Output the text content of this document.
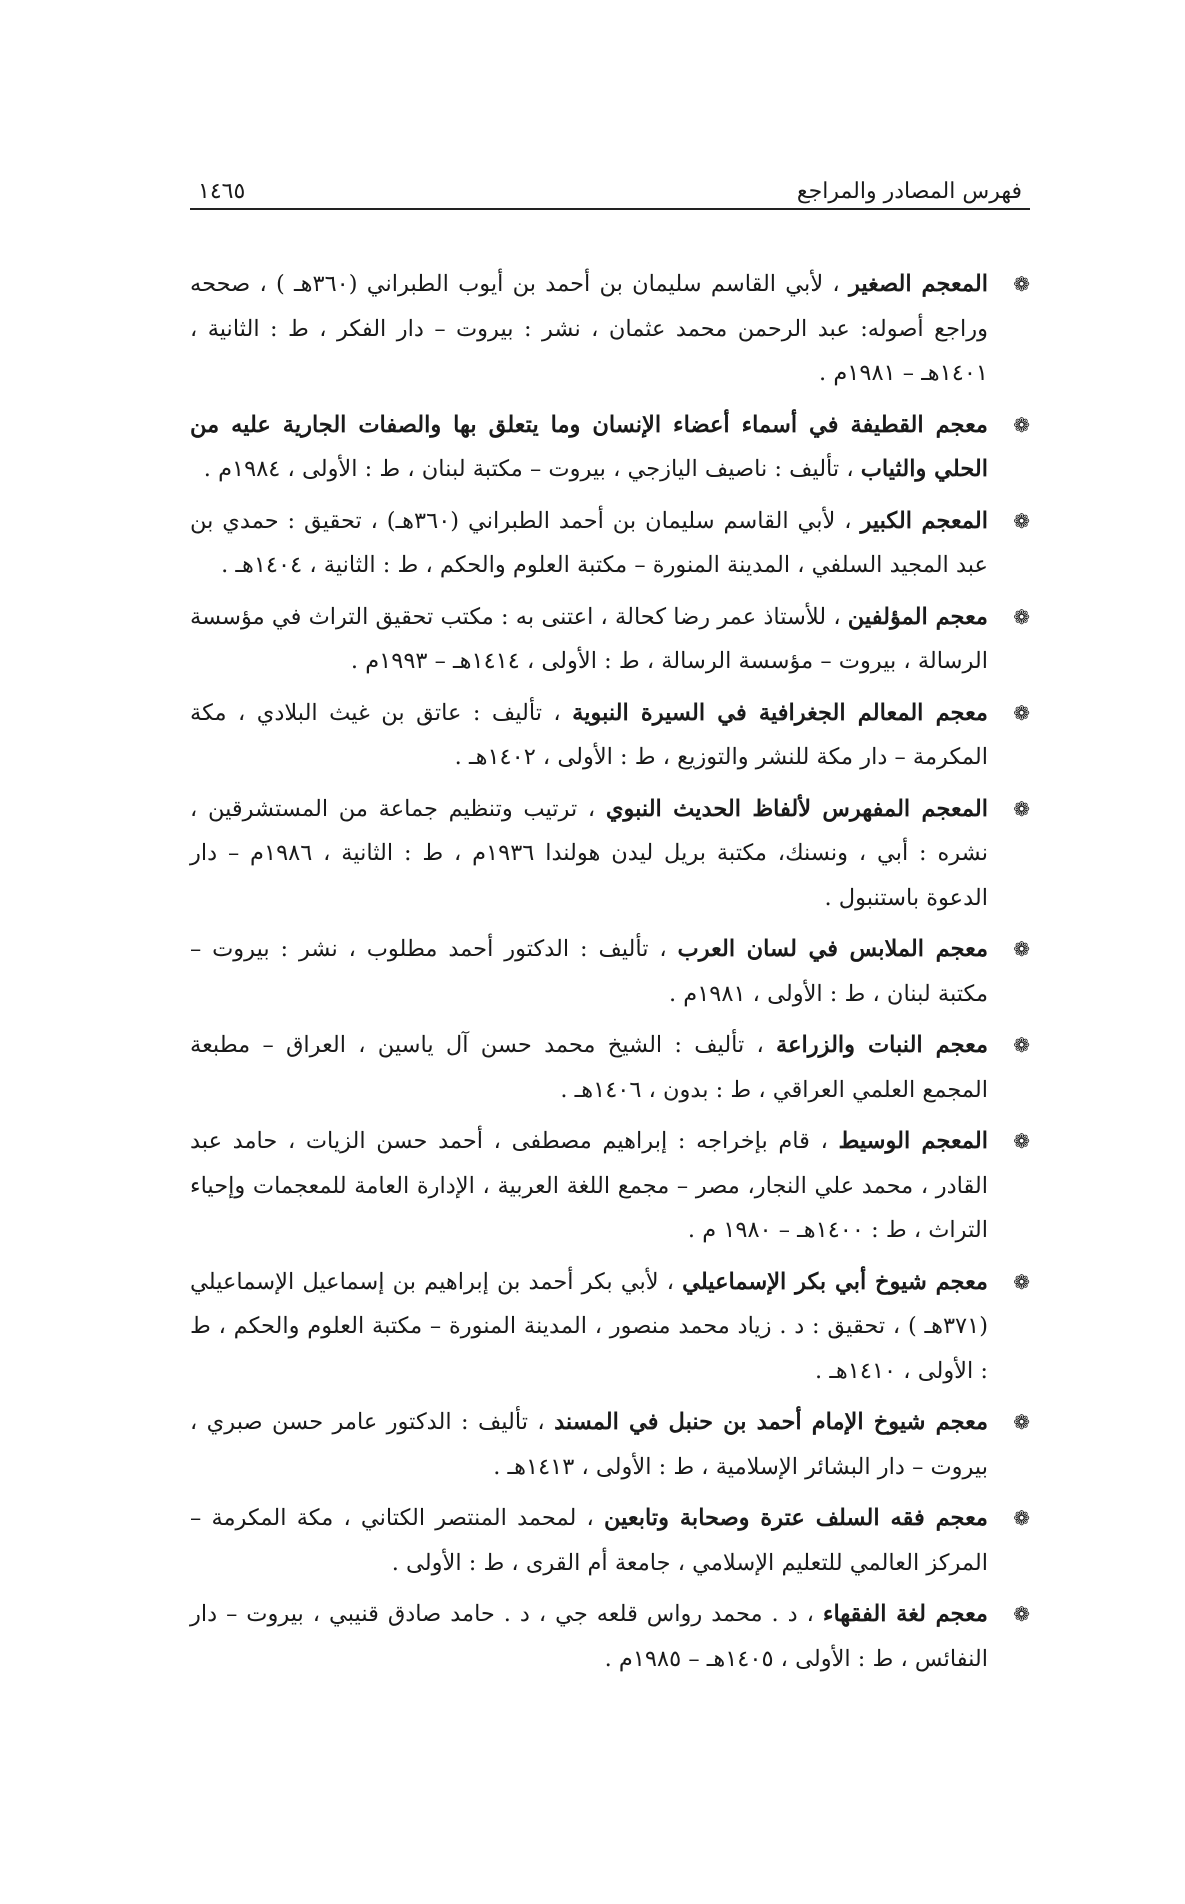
فهرس المصادر والمراجع
١٤٦٥
❁
المعجم الصغير ، لأبي القاسم سليمان بن أحمد بن أيوب الطبراني (٣٦٠هـ ) ، صححه وراجع أصوله: عبد الرحمن محمد عثمان ، نشر : بيروت – دار الفكر ، ط : الثانية ، ١٤٠١هـ – ١٩٨١م .
❁
معجم القطيفة في أسماء أعضاء الإنسان وما يتعلق بها والصفات الجارية عليه من الحلي والثياب ، تأليف : ناصيف اليازجي ، بيروت – مكتبة لبنان ، ط : الأولى ، ١٩٨٤م .
❁
المعجم الكبير ، لأبي القاسم سليمان بن أحمد الطبراني (٣٦٠هـ) ، تحقيق : حمدي بن عبد المجيد السلفي ، المدينة المنورة – مكتبة العلوم والحكم ، ط : الثانية ، ١٤٠٤هـ .
❁
معجم المؤلفين ، للأستاذ عمر رضا كحالة ، اعتنى به : مكتب تحقيق التراث في مؤسسة الرسالة ، بيروت – مؤسسة الرسالة ، ط : الأولى ، ١٤١٤هـ – ١٩٩٣م .
❁
معجم المعالم الجغرافية في السيرة النبوية ، تأليف : عاتق بن غيث البلادي ، مكة المكرمة – دار مكة للنشر والتوزيع ، ط : الأولى ، ١٤٠٢هـ .
❁
المعجم المفهرس لألفاظ الحديث النبوي ، ترتيب وتنظيم جماعة من المستشرقين ، نشره : أبي ، ونسنك، مكتبة بريل ليدن هولندا ١٩٣٦م ، ط : الثانية ، ١٩٨٦م – دار الدعوة باستنبول .
❁
معجم الملابس في لسان العرب ، تأليف : الدكتور أحمد مطلوب ، نشر : بيروت – مكتبة لبنان ، ط : الأولى ، ١٩٨١م .
❁
معجم النبات والزراعة ، تأليف : الشيخ محمد حسن آل ياسين ، العراق – مطبعة المجمع العلمي العراقي ، ط : بدون ، ١٤٠٦هـ .
❁
المعجم الوسيط ، قام بإخراجه : إبراهيم مصطفى ، أحمد حسن الزيات ، حامد عبد القادر ، محمد علي النجار، مصر – مجمع اللغة العربية ، الإدارة العامة للمعجمات وإحياء التراث ، ط : ١٤٠٠هـ – ١٩٨٠ م .
❁
معجم شيوخ أبي بكر الإسماعيلي ، لأبي بكر أحمد بن إبراهيم بن إسماعيل الإسماعيلي (٣٧١هـ ) ، تحقيق : د . زياد محمد منصور ، المدينة المنورة – مكتبة العلوم والحكم ، ط : الأولى ، ١٤١٠هـ .
❁
معجم شيوخ الإمام أحمد بن حنبل في المسند ، تأليف : الدكتور عامر حسن صبري ، بيروت – دار البشائر الإسلامية ، ط : الأولى ، ١٤١٣هـ .
❁
معجم فقه السلف عترة وصحابة وتابعين ، لمحمد المنتصر الكتاني ، مكة المكرمة – المركز العالمي للتعليم الإسلامي ، جامعة أم القرى ، ط : الأولى .
❁
معجم لغة الفقهاء ، د . محمد رواس قلعه جي ، د . حامد صادق قنيبي ، بيروت – دار النفائس ، ط : الأولى ، ١٤٠٥هـ – ١٩٨٥م .
